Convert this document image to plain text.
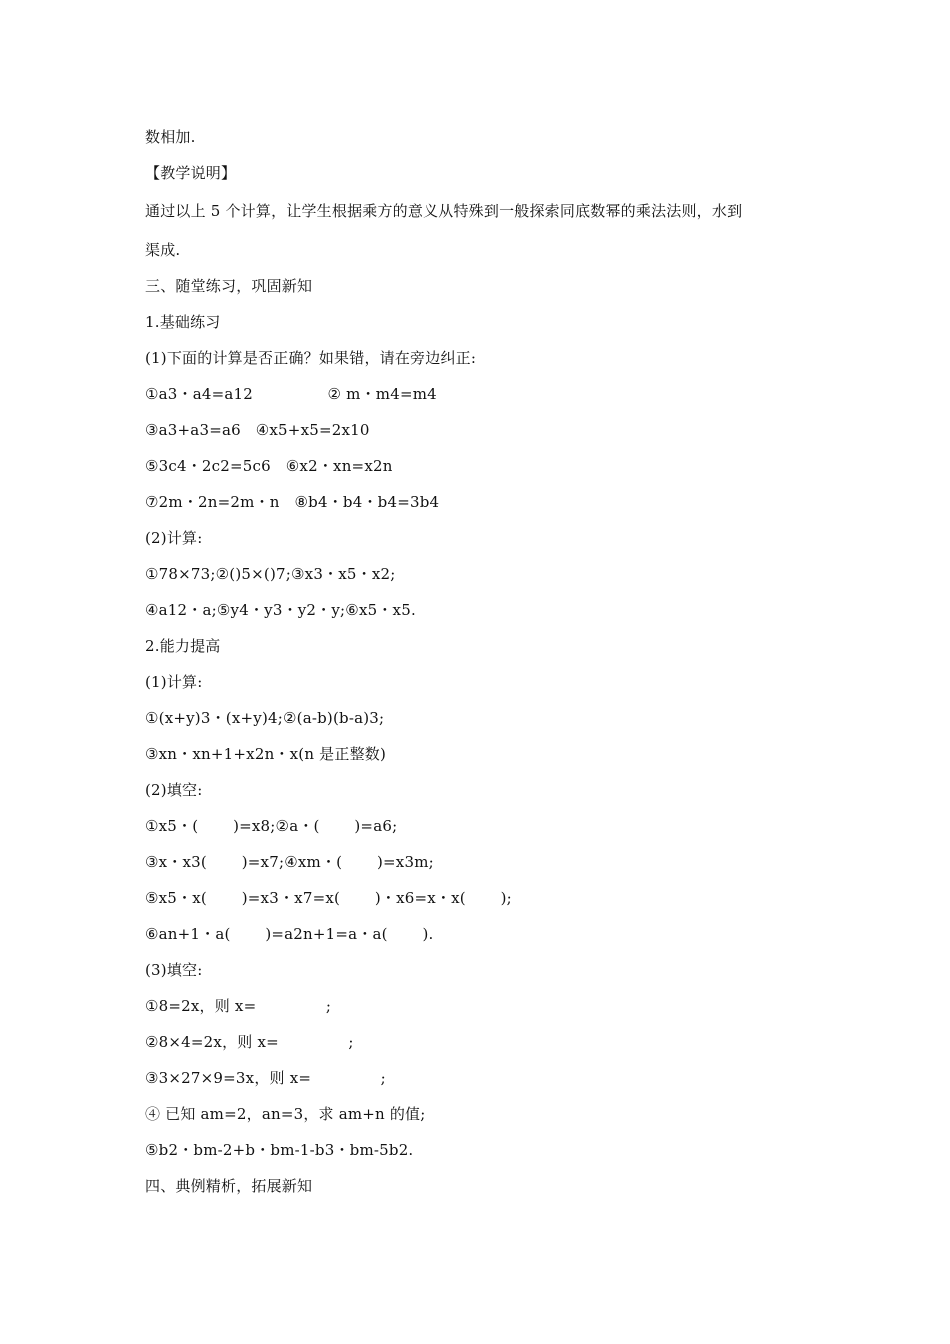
数相加.
【教学说明】
通过以上 5 个计算，让学生根据乘方的意义从特殊到一般探索同底数幂的乘法法则，水到
渠成.
三、随堂练习，巩固新知
1.基础练习
(1)下面的计算是否正确？如果错，请在旁边纠正:
①a3・a4=a12               ② m・m4=m4
③a3+a3=a6   ④x5+x5=2x10
⑤3c4・2c2=5c6   ⑥x2・xn=x2n
⑦2m・2n=2m・n   ⑧b4・b4・b4=3b4
(2)计算:
①78×73;②()5×()7;③x3・x5・x2;
④a12・a;⑤y4・y3・y2・y;⑥x5・x5.
2.能力提高
(1)计算:
①(x+y)3・(x+y)4;②(a-b)(b-a)3;
③xn・xn+1+x2n・x(n 是正整数)
(2)填空:
①x5・(       )=x8;②a・(       )=a6;
③x・x3(       )=x7;④xm・(       )=x3m;
⑤x5・x(       )=x3・x7=x(       )・x6=x・x(       );
⑥an+1・a(       )=a2n+1=a・a(       ).
(3)填空:
①8=2x，则 x=              ;
②8×4=2x，则 x=              ;
③3×27×9=3x，则 x=              ;
④ 已知 am=2，an=3，求 am+n 的值;
⑤b2・bm-2+b・bm-1-b3・bm-5b2.
四、典例精析，拓展新知
